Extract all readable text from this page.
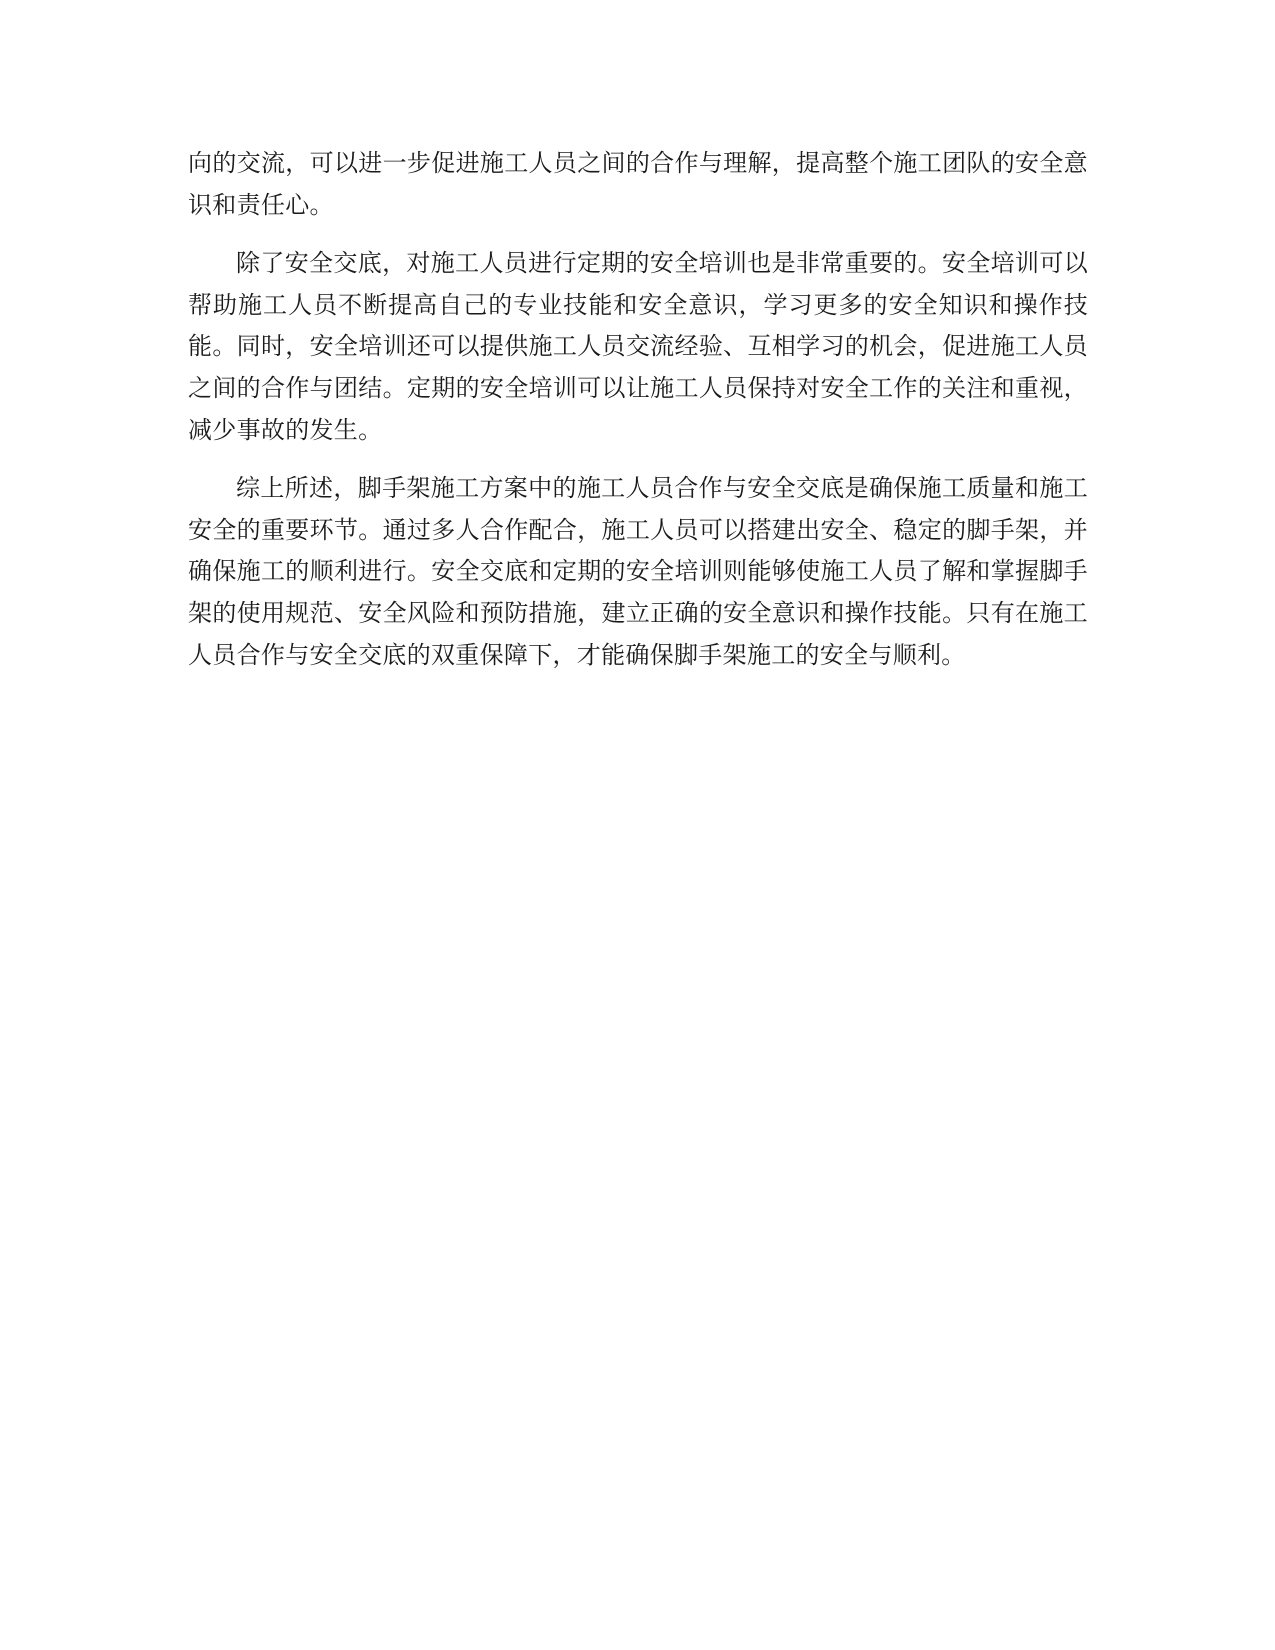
向的交流，可以进一步促进施工人员之间的合作与理解，提高整个施工团队的安全意识和责任心。

除了安全交底，对施工人员进行定期的安全培训也是非常重要的。安全培训可以帮助施工人员不断提高自己的专业技能和安全意识，学习更多的安全知识和操作技能。同时，安全培训还可以提供施工人员交流经验、互相学习的机会，促进施工人员之间的合作与团结。定期的安全培训可以让施工人员保持对安全工作的关注和重视，减少事故的发生。

综上所述，脚手架施工方案中的施工人员合作与安全交底是确保施工质量和施工安全的重要环节。通过多人合作配合，施工人员可以搭建出安全、稳定的脚手架，并确保施工的顺利进行。安全交底和定期的安全培训则能够使施工人员了解和掌握脚手架的使用规范、安全风险和预防措施，建立正确的安全意识和操作技能。只有在施工人员合作与安全交底的双重保障下，才能确保脚手架施工的安全与顺利。
